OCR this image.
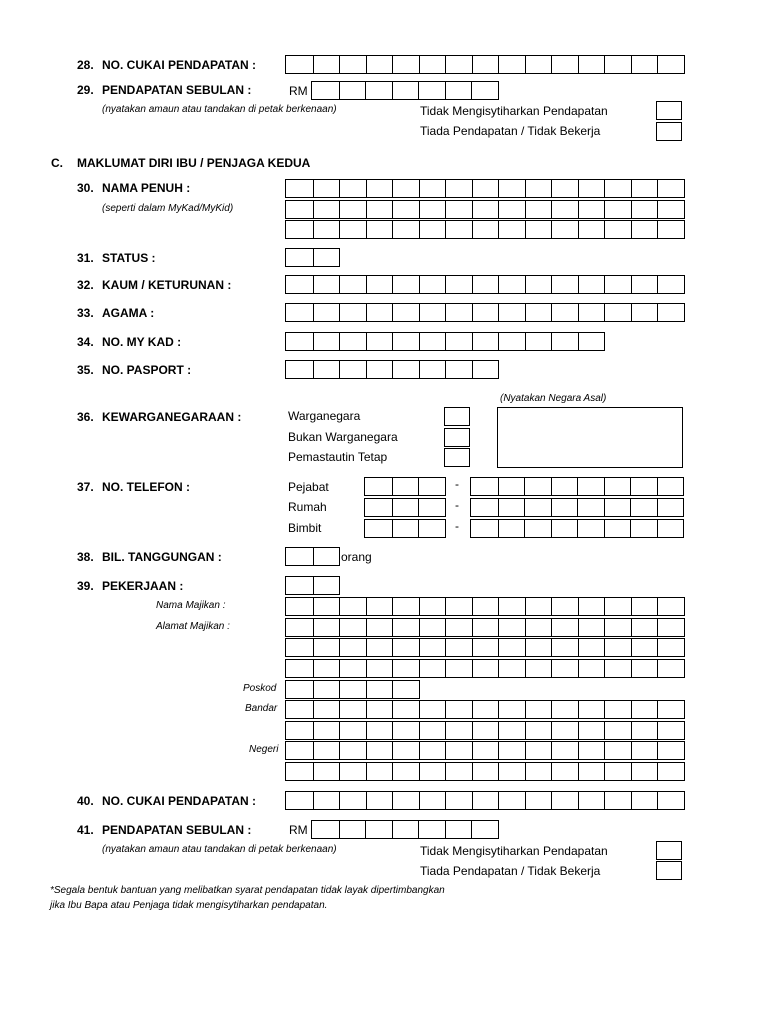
28. NO. CUKAI PENDAPATAN :
29. PENDAPATAN SEBULAN :	RM
(nyatakan amaun atau tandakan di petak berkenaan)	Tidak Mengisytiharkan Pendapatan
Tiada Pendapatan / Tidak Bekerja
C. MAKLUMAT DIRI IBU / PENJAGA KEDUA
30. NAMA PENUH :
(seperti dalam MyKad/MyKid)
31. STATUS :
32. KAUM / KETURUNAN :
33. AGAMA :
34. NO. MY KAD :
35. NO. PASPORT :
(Nyatakan Negara Asal)
36. KEWARGANEGARAAN :	Warganegara
Bukan Warganegara
Pemastautin Tetap
37. NO. TELEFON :	Pejabat	-
Rumah	-
Bimbit	-
38. BIL. TANGGUNGAN :	orang
39. PEKERJAAN :
Nama Majikan :
Alamat Majikan :
Poskod
Bandar
Negeri
40. NO. CUKAI PENDAPATAN :
41. PENDAPATAN SEBULAN :	RM
(nyatakan amaun atau tandakan di petak berkenaan)	Tidak Mengisytiharkan Pendapatan
Tiada Pendapatan / Tidak Bekerja
*Segala bentuk bantuan yang melibatkan syarat pendapatan tidak layak dipertimbangkan
jika Ibu Bapa atau Penjaga tidak mengisytiharkan pendapatan.
